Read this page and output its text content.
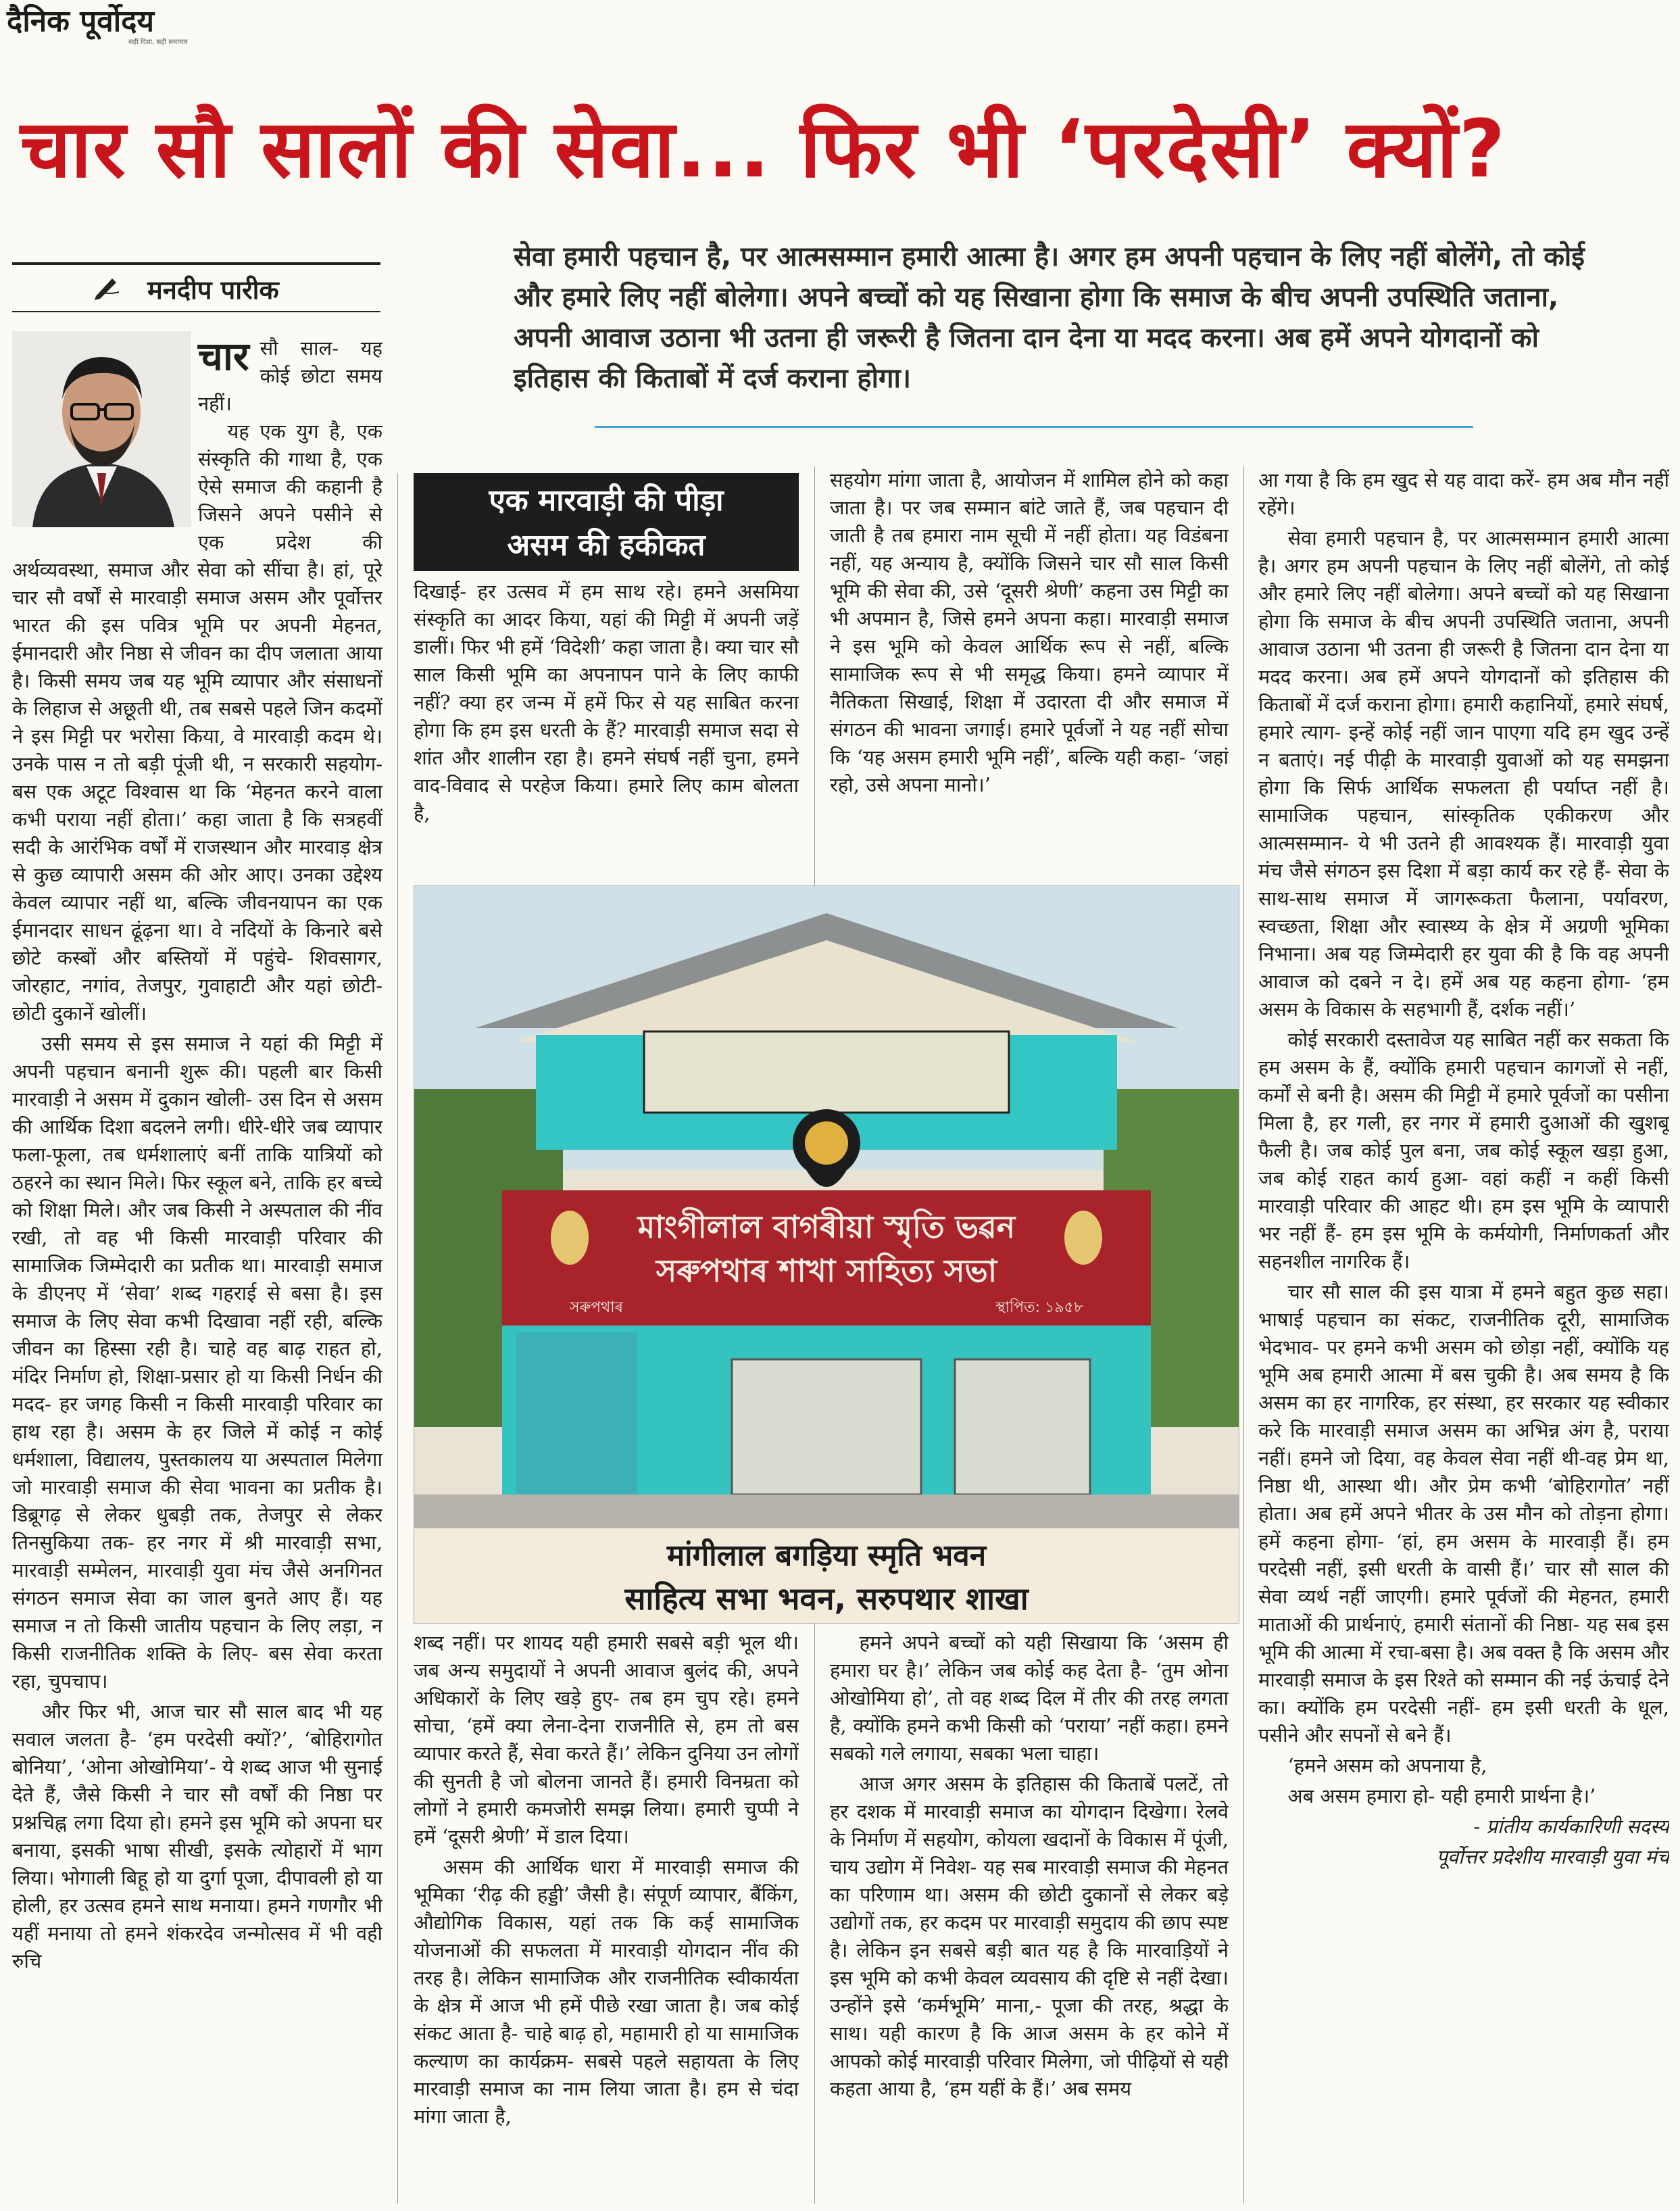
दैनिक पूर्वोदय
सही दिशा, सही समाचार
चार सौ सालों की सेवा... फिर भी ‘परदेसी’ क्यों?
मनदीप पारीक
सेवा हमारी पहचान है, पर आत्मसम्मान हमारी आत्मा है। अगर हम अपनी पहचान के लिए नहीं बोलेंगे, तो कोई और हमारे लिए नहीं बोलेगा। अपने बच्चों को यह सिखाना होगा कि समाज के बीच अपनी उपस्थिति जताना, अपनी आवाज उठाना भी उतना ही जरूरी है जितना दान देना या मदद करना। अब हमें अपने योगदानों को इतिहास की किताबों में दर्ज कराना होगा।
चार सौ साल- यह कोई छोटा समय नहीं।

यह एक युग है, एक संस्कृति की गाथा है, एक ऐसे समाज की कहानी है जिसने अपने पसीने से एक प्रदेश की अर्थव्यवस्था, समाज और सेवा को सींचा है। हां, पूरे चार सौ वर्षों से मारवाड़ी समाज असम और पूर्वोत्तर भारत की इस पवित्र भूमि पर अपनी मेहनत, ईमानदारी और निष्ठा से जीवन का दीप जलाता आया है। किसी समय जब यह भूमि व्यापार और संसाधनों के लिहाज से अछूती थी, तब सबसे पहले जिन कदमों ने इस मिट्टी पर भरोसा किया, वे मारवाड़ी कदम थे। उनके पास न तो बड़ी पूंजी थी, न सरकारी सहयोग- बस एक अटूट विश्वास था कि ‘मेहनत करने वाला कभी पराया नहीं होता।’ कहा जाता है कि सत्रहवीं सदी के आरंभिक वर्षों में राजस्थान और मारवाड़ क्षेत्र से कुछ व्यापारी असम की ओर आए। उनका उद्देश्य केवल व्यापार नहीं था, बल्कि जीवनयापन का एक ईमानदार साधन ढूंढ़ना था। वे नदियों के किनारे बसे छोटे कस्बों और बस्तियों में पहुंचे- शिवसागर, जोरहाट, नगांव, तेजपुर, गुवाहाटी और यहां छोटी-छोटी दुकानें खोलीं।

उसी समय से इस समाज ने यहां की मिट्टी में अपनी पहचान बनानी शुरू की। पहली बार किसी मारवाड़ी ने असम में दुकान खोली- उस दिन से असम की आर्थिक दिशा बदलने लगी। धीरे-धीरे जब व्यापार फला-फूला, तब धर्मशालाएं बनीं ताकि यात्रियों को ठहरने का स्थान मिले। फिर स्कूल बने, ताकि हर बच्चे को शिक्षा मिले। और जब किसी ने अस्पताल की नींव रखी, तो वह भी किसी मारवाड़ी परिवार की सामाजिक जिम्मेदारी का प्रतीक था। मारवाड़ी समाज के डीएनए में ‘सेवा’ शब्द गहराई से बसा है। इस समाज के लिए सेवा कभी दिखावा नहीं रही, बल्कि जीवन का हिस्सा रही है। चाहे वह बाढ़ राहत हो, मंदिर निर्माण हो, शिक्षा-प्रसार हो या किसी निर्धन की मदद- हर जगह किसी न किसी मारवाड़ी परिवार का हाथ रहा है। असम के हर जिले में कोई न कोई धर्मशाला, विद्यालय, पुस्तकालय या अस्पताल मिलेगा जो मारवाड़ी समाज की सेवा भावना का प्रतीक है। डिब्रूगढ़ से लेकर धुबड़ी तक, तेजपुर से लेकर तिनसुकिया तक- हर नगर में श्री मारवाड़ी सभा, मारवाड़ी सम्मेलन, मारवाड़ी युवा मंच जैसे अनगिनत संगठन समाज सेवा का जाल बुनते आए हैं। यह समाज न तो किसी जातीय पहचान के लिए लड़ा, न किसी राजनीतिक शक्ति के लिए- बस सेवा करता रहा, चुपचाप।

और फिर भी, आज चार सौ साल बाद भी यह सवाल जलता है- ‘हम परदेसी क्यों?’, ‘बोहिरागोत बोनिया’, ‘ओना ओखोमिया’- ये शब्द आज भी सुनाई देते हैं, जैसे किसी ने चार सौ वर्षों की निष्ठा पर प्रश्नचिह्न लगा दिया हो। हमने इस भूमि को अपना घर बनाया, इसकी भाषा सीखी, इसके त्योहारों में भाग लिया। भोगाली बिहू हो या दुर्गा पूजा, दीपावली हो या होली, हर उत्सव हमने साथ मनाया। हमने गणगौर भी यहीं मनाया तो हमने शंकरदेव जन्मोत्सव में भी वही रुचि

एक मारवाड़ी की पीड़ा
असम की हकीकत

दिखाई- हर उत्सव में हम साथ रहे। हमने असमिया संस्कृति का आदर किया, यहां की मिट्टी में अपनी जड़ें डालीं। फिर भी हमें ‘विदेशी’ कहा जाता है। क्या चार सौ साल किसी भूमि का अपनापन पाने के लिए काफी नहीं? क्या हर जन्म में हमें फिर से यह साबित करना होगा कि हम इस धरती के हैं? मारवाड़ी समाज सदा से शांत और शालीन रहा है। हमने संघर्ष नहीं चुना, हमने वाद-विवाद से परहेज किया। हमारे लिए काम बोलता है,

सहयोग मांगा जाता है, आयोजन में शामिल होने को कहा जाता है। पर जब सम्मान बांटे जाते हैं, जब पहचान दी जाती है तब हमारा नाम सूची में नहीं होता। यह विडंबना नहीं, यह अन्याय है, क्योंकि जिसने चार सौ साल किसी भूमि की सेवा की, उसे ‘दूसरी श्रेणी’ कहना उस मिट्टी का भी अपमान है, जिसे हमने अपना कहा। मारवाड़ी समाज ने इस भूमि को केवल आर्थिक रूप से नहीं, बल्कि सामाजिक रूप से भी समृद्ध किया। हमने व्यापार में नैतिकता सिखाई, शिक्षा में उदारता दी और समाज में संगठन की भावना जगाई। हमारे पूर्वजों ने यह नहीं सोचा कि ‘यह असम हमारी भूमि नहीं’, बल्कि यही कहा- ‘जहां रहो, उसे अपना मानो।’

মাংগীলাল বাগৰীয়া স্মৃতি ভৱন
সৰুপথাৰ শাখা সাহিত্য সভা
সৰুপথাৰ	স্থাপিত: ১৯৫৮
मांगीलाल बगड़िया स्मृति भवन
साहित्य सभा भवन, सरुपथार शाखा

शब्द नहीं। पर शायद यही हमारी सबसे बड़ी भूल थी। जब अन्य समुदायों ने अपनी आवाज बुलंद की, अपने अधिकारों के लिए खड़े हुए- तब हम चुप रहे। हमने सोचा, ‘हमें क्या लेना-देना राजनीति से, हम तो बस व्यापार करते हैं, सेवा करते हैं।’ लेकिन दुनिया उन लोगों की सुनती है जो बोलना जानते हैं। हमारी विनम्रता को लोगों ने हमारी कमजोरी समझ लिया। हमारी चुप्पी ने हमें ‘दूसरी श्रेणी’ में डाल दिया।

असम की आर्थिक धारा में मारवाड़ी समाज की भूमिका ‘रीढ़ की हड्डी’ जैसी है। संपूर्ण व्यापार, बैंकिंग, औद्योगिक विकास, यहां तक कि कई सामाजिक योजनाओं की सफलता में मारवाड़ी योगदान नींव की तरह है। लेकिन सामाजिक और राजनीतिक स्वीकार्यता के क्षेत्र में आज भी हमें पीछे रखा जाता है। जब कोई संकट आता है- चाहे बाढ़ हो, महामारी हो या सामाजिक कल्याण का कार्यक्रम- सबसे पहले सहायता के लिए मारवाड़ी समाज का नाम लिया जाता है। हम से चंदा मांगा जाता है,

हमने अपने बच्चों को यही सिखाया कि ‘असम ही हमारा घर है।’ लेकिन जब कोई कह देता है- ‘तुम ओना ओखोमिया हो’, तो वह शब्द दिल में तीर की तरह लगता है, क्योंकि हमने कभी किसी को ‘पराया’ नहीं कहा। हमने सबको गले लगाया, सबका भला चाहा।

आज अगर असम के इतिहास की किताबें पलटें, तो हर दशक में मारवाड़ी समाज का योगदान दिखेगा। रेलवे के निर्माण में सहयोग, कोयला खदानों के विकास में पूंजी, चाय उद्योग में निवेश- यह सब मारवाड़ी समाज की मेहनत का परिणाम था। असम की छोटी दुकानों से लेकर बड़े उद्योगों तक, हर कदम पर मारवाड़ी समुदाय की छाप स्पष्ट है। लेकिन इन सबसे बड़ी बात यह है कि मारवाड़ियों ने इस भूमि को कभी केवल व्यवसाय की दृष्टि से नहीं देखा। उन्होंने इसे ‘कर्मभूमि’ माना,- पूजा की तरह, श्रद्धा के साथ। यही कारण है कि आज असम के हर कोने में आपको कोई मारवाड़ी परिवार मिलेगा, जो पीढ़ियों से यही कहता आया है, ‘हम यहीं के हैं।’ अब समय

आ गया है कि हम खुद से यह वादा करें- हम अब मौन नहीं रहेंगे।

सेवा हमारी पहचान है, पर आत्मसम्मान हमारी आत्मा है। अगर हम अपनी पहचान के लिए नहीं बोलेंगे, तो कोई और हमारे लिए नहीं बोलेगा। अपने बच्चों को यह सिखाना होगा कि समाज के बीच अपनी उपस्थिति जताना, अपनी आवाज उठाना भी उतना ही जरूरी है जितना दान देना या मदद करना। अब हमें अपने योगदानों को इतिहास की किताबों में दर्ज कराना होगा। हमारी कहानियों, हमारे संघर्ष, हमारे त्याग- इन्हें कोई नहीं जान पाएगा यदि हम खुद उन्हें न बताएं। नई पीढ़ी के मारवाड़ी युवाओं को यह समझना होगा कि सिर्फ आर्थिक सफलता ही पर्याप्त नहीं है। सामाजिक पहचान, सांस्कृतिक एकीकरण और आत्मसम्मान- ये भी उतने ही आवश्यक हैं। मारवाड़ी युवा मंच जैसे संगठन इस दिशा में बड़ा कार्य कर रहे हैं- सेवा के साथ-साथ समाज में जागरूकता फैलाना, पर्यावरण, स्वच्छता, शिक्षा और स्वास्थ्य के क्षेत्र में अग्रणी भूमिका निभाना। अब यह जिम्मेदारी हर युवा की है कि वह अपनी आवाज को दबने न दे। हमें अब यह कहना होगा- ‘हम असम के विकास के सहभागी हैं, दर्शक नहीं।’

कोई सरकारी दस्तावेज यह साबित नहीं कर सकता कि हम असम के हैं, क्योंकि हमारी पहचान कागजों से नहीं, कर्मों से बनी है। असम की मिट्टी में हमारे पूर्वजों का पसीना मिला है, हर गली, हर नगर में हमारी दुआओं की खुशबू फैली है। जब कोई पुल बना, जब कोई स्कूल खड़ा हुआ, जब कोई राहत कार्य हुआ- वहां कहीं न कहीं किसी मारवाड़ी परिवार की आहट थी। हम इस भूमि के व्यापारी भर नहीं हैं- हम इस भूमि के कर्मयोगी, निर्माणकर्ता और सहनशील नागरिक हैं।

चार सौ साल की इस यात्रा में हमने बहुत कुछ सहा। भाषाई पहचान का संकट, राजनीतिक दूरी, सामाजिक भेदभाव- पर हमने कभी असम को छोड़ा नहीं, क्योंकि यह भूमि अब हमारी आत्मा में बस चुकी है। अब समय है कि असम का हर नागरिक, हर संस्था, हर सरकार यह स्वीकार करे कि मारवाड़ी समाज असम का अभिन्न अंग है, पराया नहीं। हमने जो दिया, वह केवल सेवा नहीं थी-वह प्रेम था, निष्ठा थी, आस्था थी। और प्रेम कभी ‘बोहिरागोत’ नहीं होता। अब हमें अपने भीतर के उस मौन को तोड़ना होगा। हमें कहना होगा- ‘हां, हम असम के मारवाड़ी हैं। हम परदेसी नहीं, इसी धरती के वासी हैं।’ चार सौ साल की सेवा व्यर्थ नहीं जाएगी। हमारे पूर्वजों की मेहनत, हमारी माताओं की प्रार्थनाएं, हमारी संतानों की निष्ठा- यह सब इस भूमि की आत्मा में रचा-बसा है। अब वक्त है कि असम और मारवाड़ी समाज के इस रिश्ते को सम्मान की नई ऊंचाई देने का। क्योंकि हम परदेसी नहीं- हम इसी धरती के धूल, पसीने और सपनों से बने हैं।

‘हमने असम को अपनाया है,

अब असम हमारा हो- यही हमारी प्रार्थना है।’

- प्रांतीय कार्यकारिणी सदस्य

पूर्वोत्तर प्रदेशीय मारवाड़ी युवा मंच
